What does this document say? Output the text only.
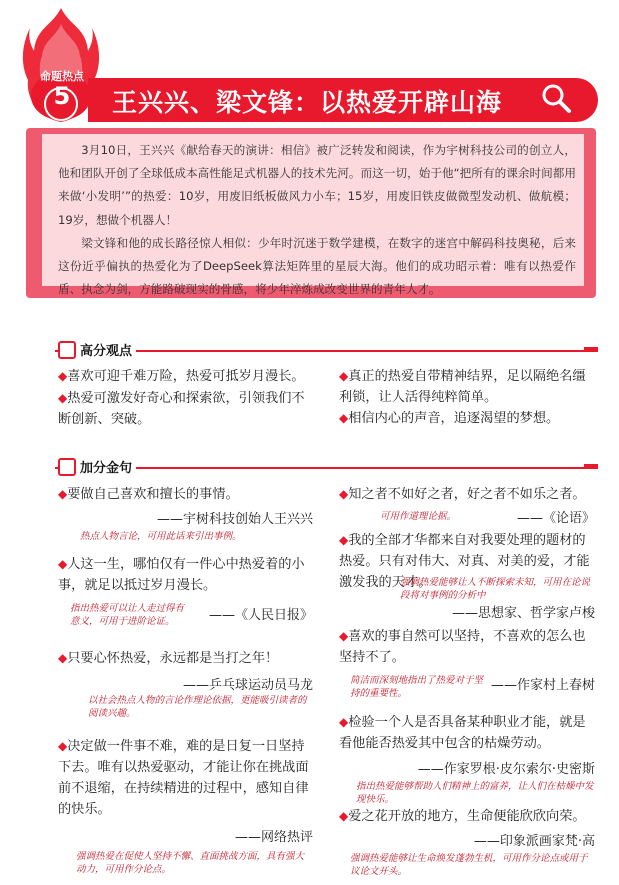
命题热点
5	王兴兴、梁文锋：以热爱开辟山海

3月10日，王兴兴《献给春天的演讲：相信》被广泛转发和阅读，作为宇树科技公司的创立人，他和团队开创了全球低成本高性能足式机器人的技术先河。而这一切，始于他“把所有的课余时间都用来做‘小发明’”的热爱：10岁，用废旧纸板做风力小车；15岁，用废旧铁皮做微型发动机、做航模；19岁，想做个机器人！

梁文锋和他的成长路径惊人相似：少年时沉迷于数学建模，在数字的迷宫中解码科技奥秘，后来这份近乎偏执的热爱化为了DeepSeek算法矩阵里的星辰大海。他们的成功昭示着：唯有以热爱作盾、执念为剑，方能路破现实的骨感，将少年淬炼成改变世界的青年人才。

高分观点
◆喜欢可迎千难万险，热爱可抵岁月漫长。
◆热爱可激发好奇心和探索欲，引领我们不断创新、突破。
◆真正的热爱自带精神结界，足以隔绝名缰利锁，让人活得纯粹简单。
◆相信内心的声音，追逐渴望的梦想。
加分金句
◆要做自己喜欢和擅长的事情。
——宇树科技创始人王兴兴
热点人物言论，可用此话来引出事例。
◆人这一生，哪怕仅有一件心中热爱着的小事，就足以抵过岁月漫长。
指出热爱可以让人走过得有意义，可用于进阶论证。	——《人民日报》
◆只要心怀热爱，永远都是当打之年！
——乒乓球运动员马龙
以社会热点人物的言论作理论依据，更能吸引读者的阅读兴趣。
◆决定做一件事不难，难的是日复一日坚持下去。唯有以热爱驱动，才能让你在挑战面前不退缩，在持续精进的过程中，感知自律的快乐。
——网络热评
强调热爱在促使人坚持不懈、直面挑战方面，具有强大动力，可用作分论点。
◆知之者不如好之者，好之者不如乐之者。
可用作道理论据。	——《论语》
◆我的全部才华都来自对我要处理的题材的热爱。只有对伟大、对真、对美的爱，才能激发我的天才。
强调热爱能够让人不断探索未知，可用在论说段将对事例的分析中
——思想家、哲学家卢梭
◆喜欢的事自然可以坚持，不喜欢的怎么也坚持不了。
简洁而深刻地指出了热爱对于坚持的重要性。
——作家村上春树
◆检验一个人是否具备某种职业才能，就是看他能否热爱其中包含的枯燥劳动。
——作家罗根·皮尔索尔·史密斯
指出热爱能够帮助人们精神上的富养，让人们在枯燥中发现快乐。
◆爱之花开放的地方，生命便能欣欣向荣。
——印象派画家梵·高
强调热爱能够让生命焕发蓬勃生机，可用作分论点或用于议论文开头。
